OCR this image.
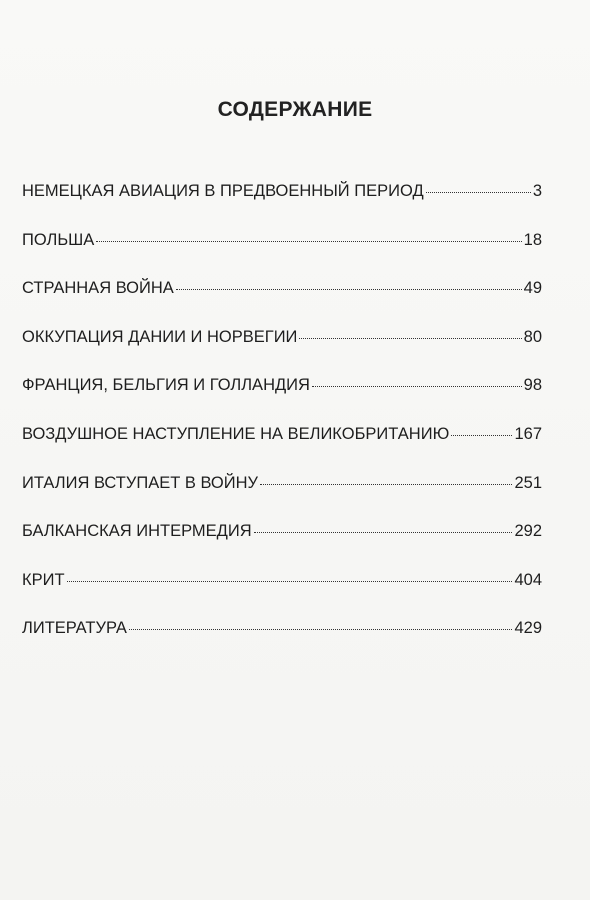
СОДЕРЖАНИЕ
НЕМЕЦКАЯ АВИАЦИЯ В ПРЕДВОЕННЫЙ ПЕРИОД	3
ПОЛЬША	18
СТРАННАЯ ВОЙНА	49
ОККУПАЦИЯ ДАНИИ И НОРВЕГИИ	80
ФРАНЦИЯ, БЕЛЬГИЯ И ГОЛЛАНДИЯ	98
ВОЗДУШНОЕ НАСТУПЛЕНИЕ НА ВЕЛИКОБРИТАНИЮ	167
ИТАЛИЯ ВСТУПАЕТ В ВОЙНУ	251
БАЛКАНСКАЯ ИНТЕРМЕДИЯ	292
КРИТ	404
ЛИТЕРАТУРА	429
